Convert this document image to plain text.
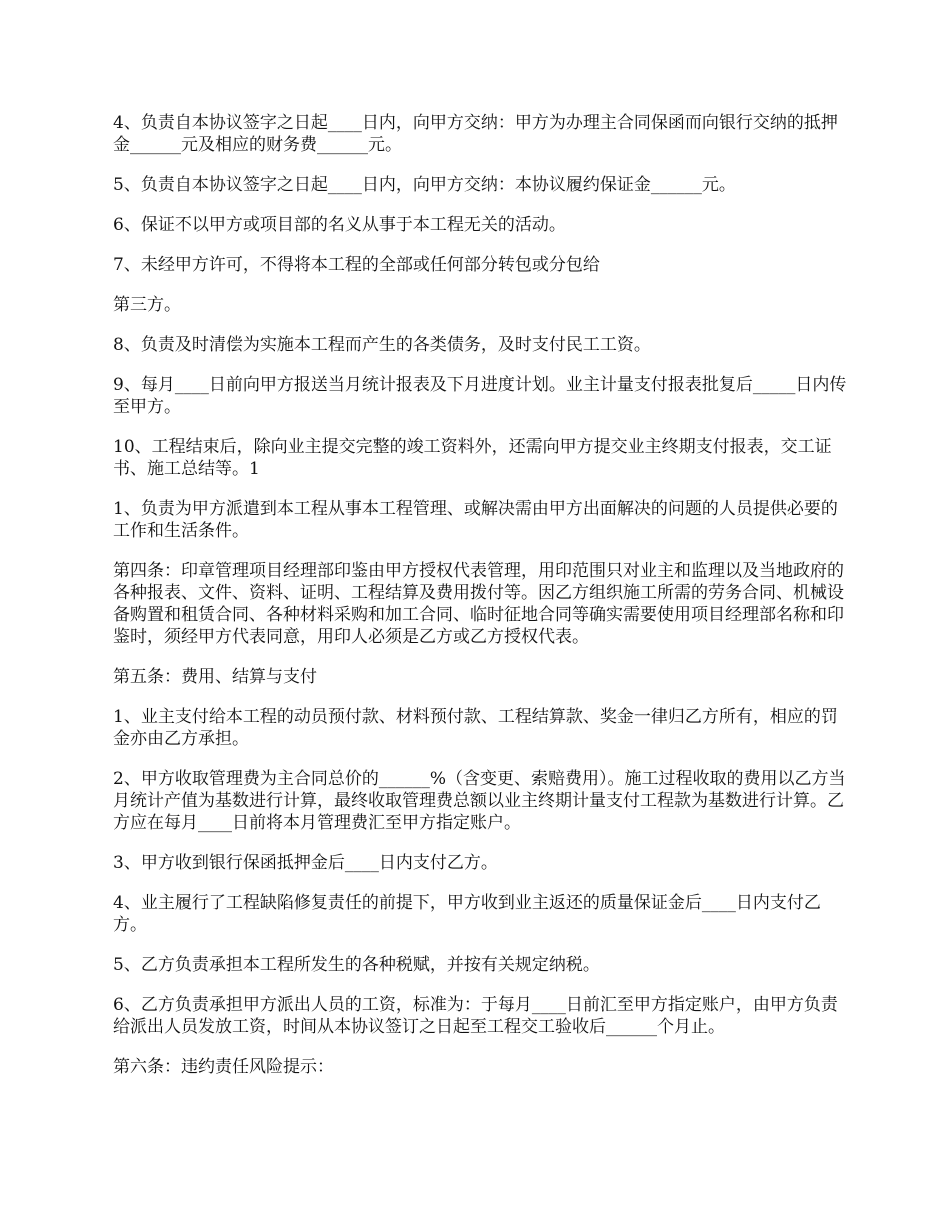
4、负责自本协议签字之日起____日内，向甲方交纳：甲方为办理主合同保函而向银行交纳的抵押金______元及相应的财务费______元。

5、负责自本协议签字之日起____日内，向甲方交纳：本协议履约保证金______元。

6、保证不以甲方或项目部的名义从事于本工程无关的活动。

7、未经甲方许可，不得将本工程的全部或任何部分转包或分包给

第三方。

8、负责及时清偿为实施本工程而产生的各类债务，及时支付民工工资。

9、每月____日前向甲方报送当月统计报表及下月进度计划。业主计量支付报表批复后_____日内传至甲方。

10、工程结束后，除向业主提交完整的竣工资料外，还需向甲方提交业主终期支付报表，交工证书、施工总结等。1

1、负责为甲方派遣到本工程从事本工程管理、或解决需由甲方出面解决的问题的人员提供必要的工作和生活条件。

第四条：印章管理项目经理部印鉴由甲方授权代表管理，用印范围只对业主和监理以及当地政府的各种报表、文件、资料、证明、工程结算及费用拨付等。因乙方组织施工所需的劳务合同、机械设备购置和租赁合同、各种材料采购和加工合同、临时征地合同等确实需要使用项目经理部名称和印鉴时，须经甲方代表同意，用印人必须是乙方或乙方授权代表。

第五条：费用、结算与支付

1、业主支付给本工程的动员预付款、材料预付款、工程结算款、奖金一律归乙方所有，相应的罚金亦由乙方承担。

2、甲方收取管理费为主合同总价的______%（含变更、索赔费用）。施工过程收取的费用以乙方当月统计产值为基数进行计算，最终收取管理费总额以业主终期计量支付工程款为基数进行计算。乙方应在每月____日前将本月管理费汇至甲方指定账户。

3、甲方收到银行保函抵押金后____日内支付乙方。

4、业主履行了工程缺陷修复责任的前提下，甲方收到业主返还的质量保证金后____日内支付乙方。

5、乙方负责承担本工程所发生的各种税赋，并按有关规定纳税。

6、乙方负责承担甲方派出人员的工资，标准为：于每月____日前汇至甲方指定账户，由甲方负责给派出人员发放工资，时间从本协议签订之日起至工程交工验收后______个月止。

第六条：违约责任风险提示：
